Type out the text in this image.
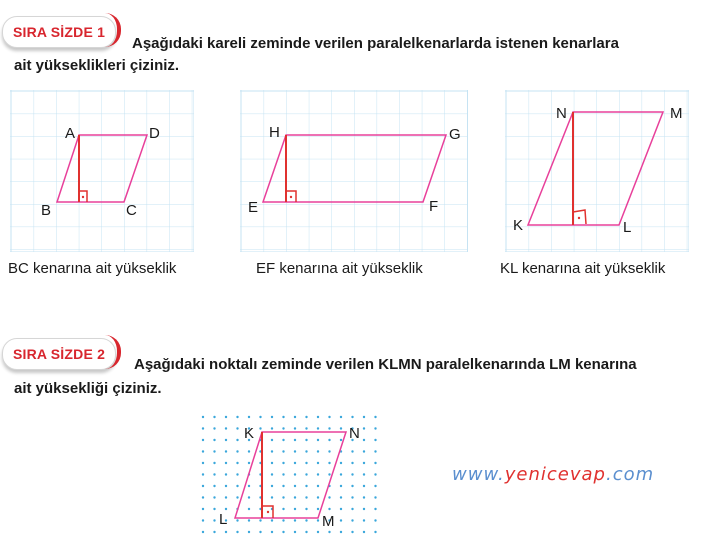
SIRA SİZDE 1
Aşağıdaki kareli zeminde verilen paralelkenarlarda istenen kenarlara
ait yükseklikleri çiziniz.
A	D
B	C
BC kenarına ait yükseklik
H	G
E	F
EF kenarına ait yükseklik
N	M
K	L
KL kenarına ait yükseklik
SIRA SİZDE 2
Aşağıdaki noktalı zeminde verilen KLMN paralelkenarında LM kenarına
ait yüksekliği çiziniz.
K	N
L	M
www.yenicevap.com
